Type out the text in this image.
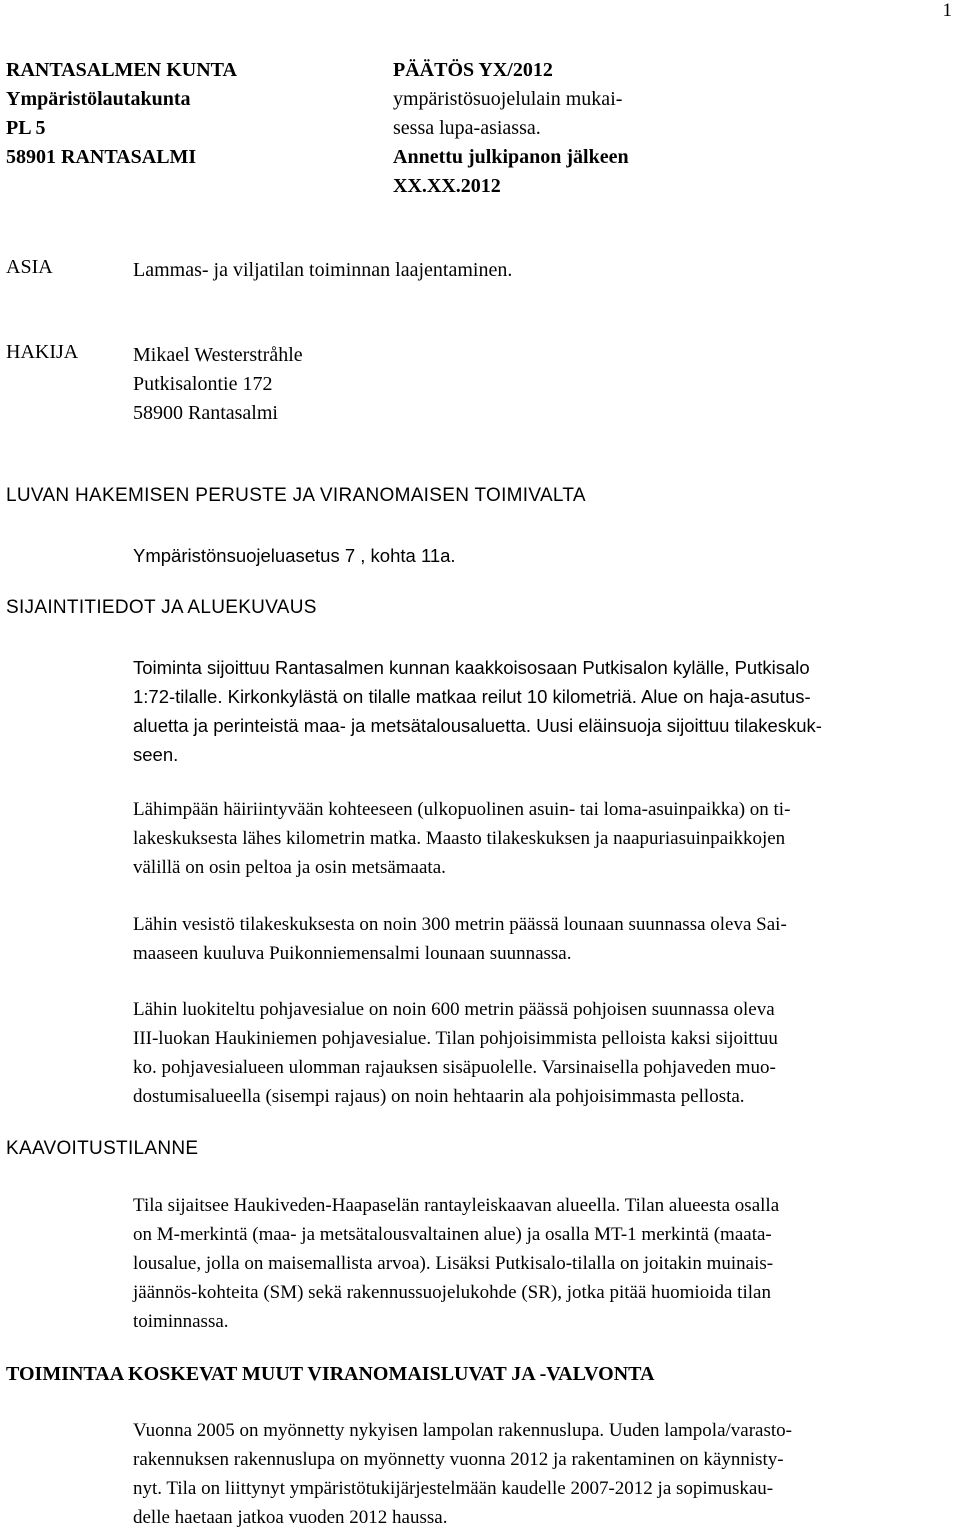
1
RANTASALMEN KUNTA
Ympäristölautakunta
PL 5
58901 RANTASALMI
PÄÄTÖS YX/2012
ympäristösuojelulain mukai-
sessa lupa-asiassa.
Annettu julkipanon jälkeen
XX.XX.2012
ASIA	Lammas- ja viljatilan toiminnan laajentaminen.
HAKIJA	Mikael Westerstråhle
Putkisalontie 172
58900 Rantasalmi
LUVAN HAKEMISEN PERUSTE JA VIRANOMAISEN TOIMIVALTA
Ympäristönsuojeluasetus 7 , kohta 11a.
SIJAINTITIEDOT JA ALUEKUVAUS
Toiminta sijoittuu Rantasalmen kunnan kaakkoisosaan Putkisalon kylälle, Putkisalo
1:72-tilalle. Kirkonkylästä on tilalle matkaa reilut 10 kilometriä. Alue on haja-asutus-
aluetta ja perinteistä maa- ja metsätalousaluetta. Uusi eläinsuoja sijoittuu tilakeskuk-
seen.
Lähimpään häiriintyvään kohteeseen (ulkopuolinen asuin- tai loma-asuinpaikka) on ti-
lakeskuksesta lähes kilometrin matka. Maasto tilakeskuksen ja naapuriasuinpaikkojen
välillä on osin peltoa ja osin metsämaata.
Lähin vesistö tilakeskuksesta on noin 300 metrin päässä lounaan suunnassa oleva Sai-
maaseen kuuluva Puikonniemensalmi lounaan suunnassa.
Lähin luokiteltu pohjavesialue on noin 600 metrin päässä pohjoisen suunnassa oleva
III-luokan Haukiniemen pohjavesialue. Tilan pohjoisimmista pelloista kaksi sijoittuu
ko. pohjavesialueen ulomman rajauksen sisäpuolelle. Varsinaisella pohjaveden muo-
dostumisalueella (sisempi rajaus) on noin hehtaarin ala pohjoisimmasta pellosta.
KAAVOITUSTILANNE
Tila sijaitsee Haukiveden-Haapaselän rantayleiskaavan alueella. Tilan alueesta osalla
on M-merkintä (maa- ja metsätalousvaltainen alue) ja osalla MT-1 merkintä (maata-
lousalue, jolla on maisemallista arvoa). Lisäksi Putkisalo-tilalla on joitakin muinais-
jäännös-kohteita (SM) sekä rakennussuojelukohde (SR), jotka pitää huomioida tilan
toiminnassa.
TOIMINTAA KOSKEVAT MUUT VIRANOMAISLUVAT JA -VALVONTA
Vuonna 2005 on myönnetty nykyisen lampolan rakennuslupa. Uuden lampola/varasto-
rakennuksen rakennuslupa on myönnetty vuonna 2012 ja rakentaminen on käynnisty-
nyt. Tila on liittynyt ympäristötukijärjestelmään kaudelle 2007-2012 ja sopimuskau-
delle haetaan jatkoa vuoden 2012 haussa.
